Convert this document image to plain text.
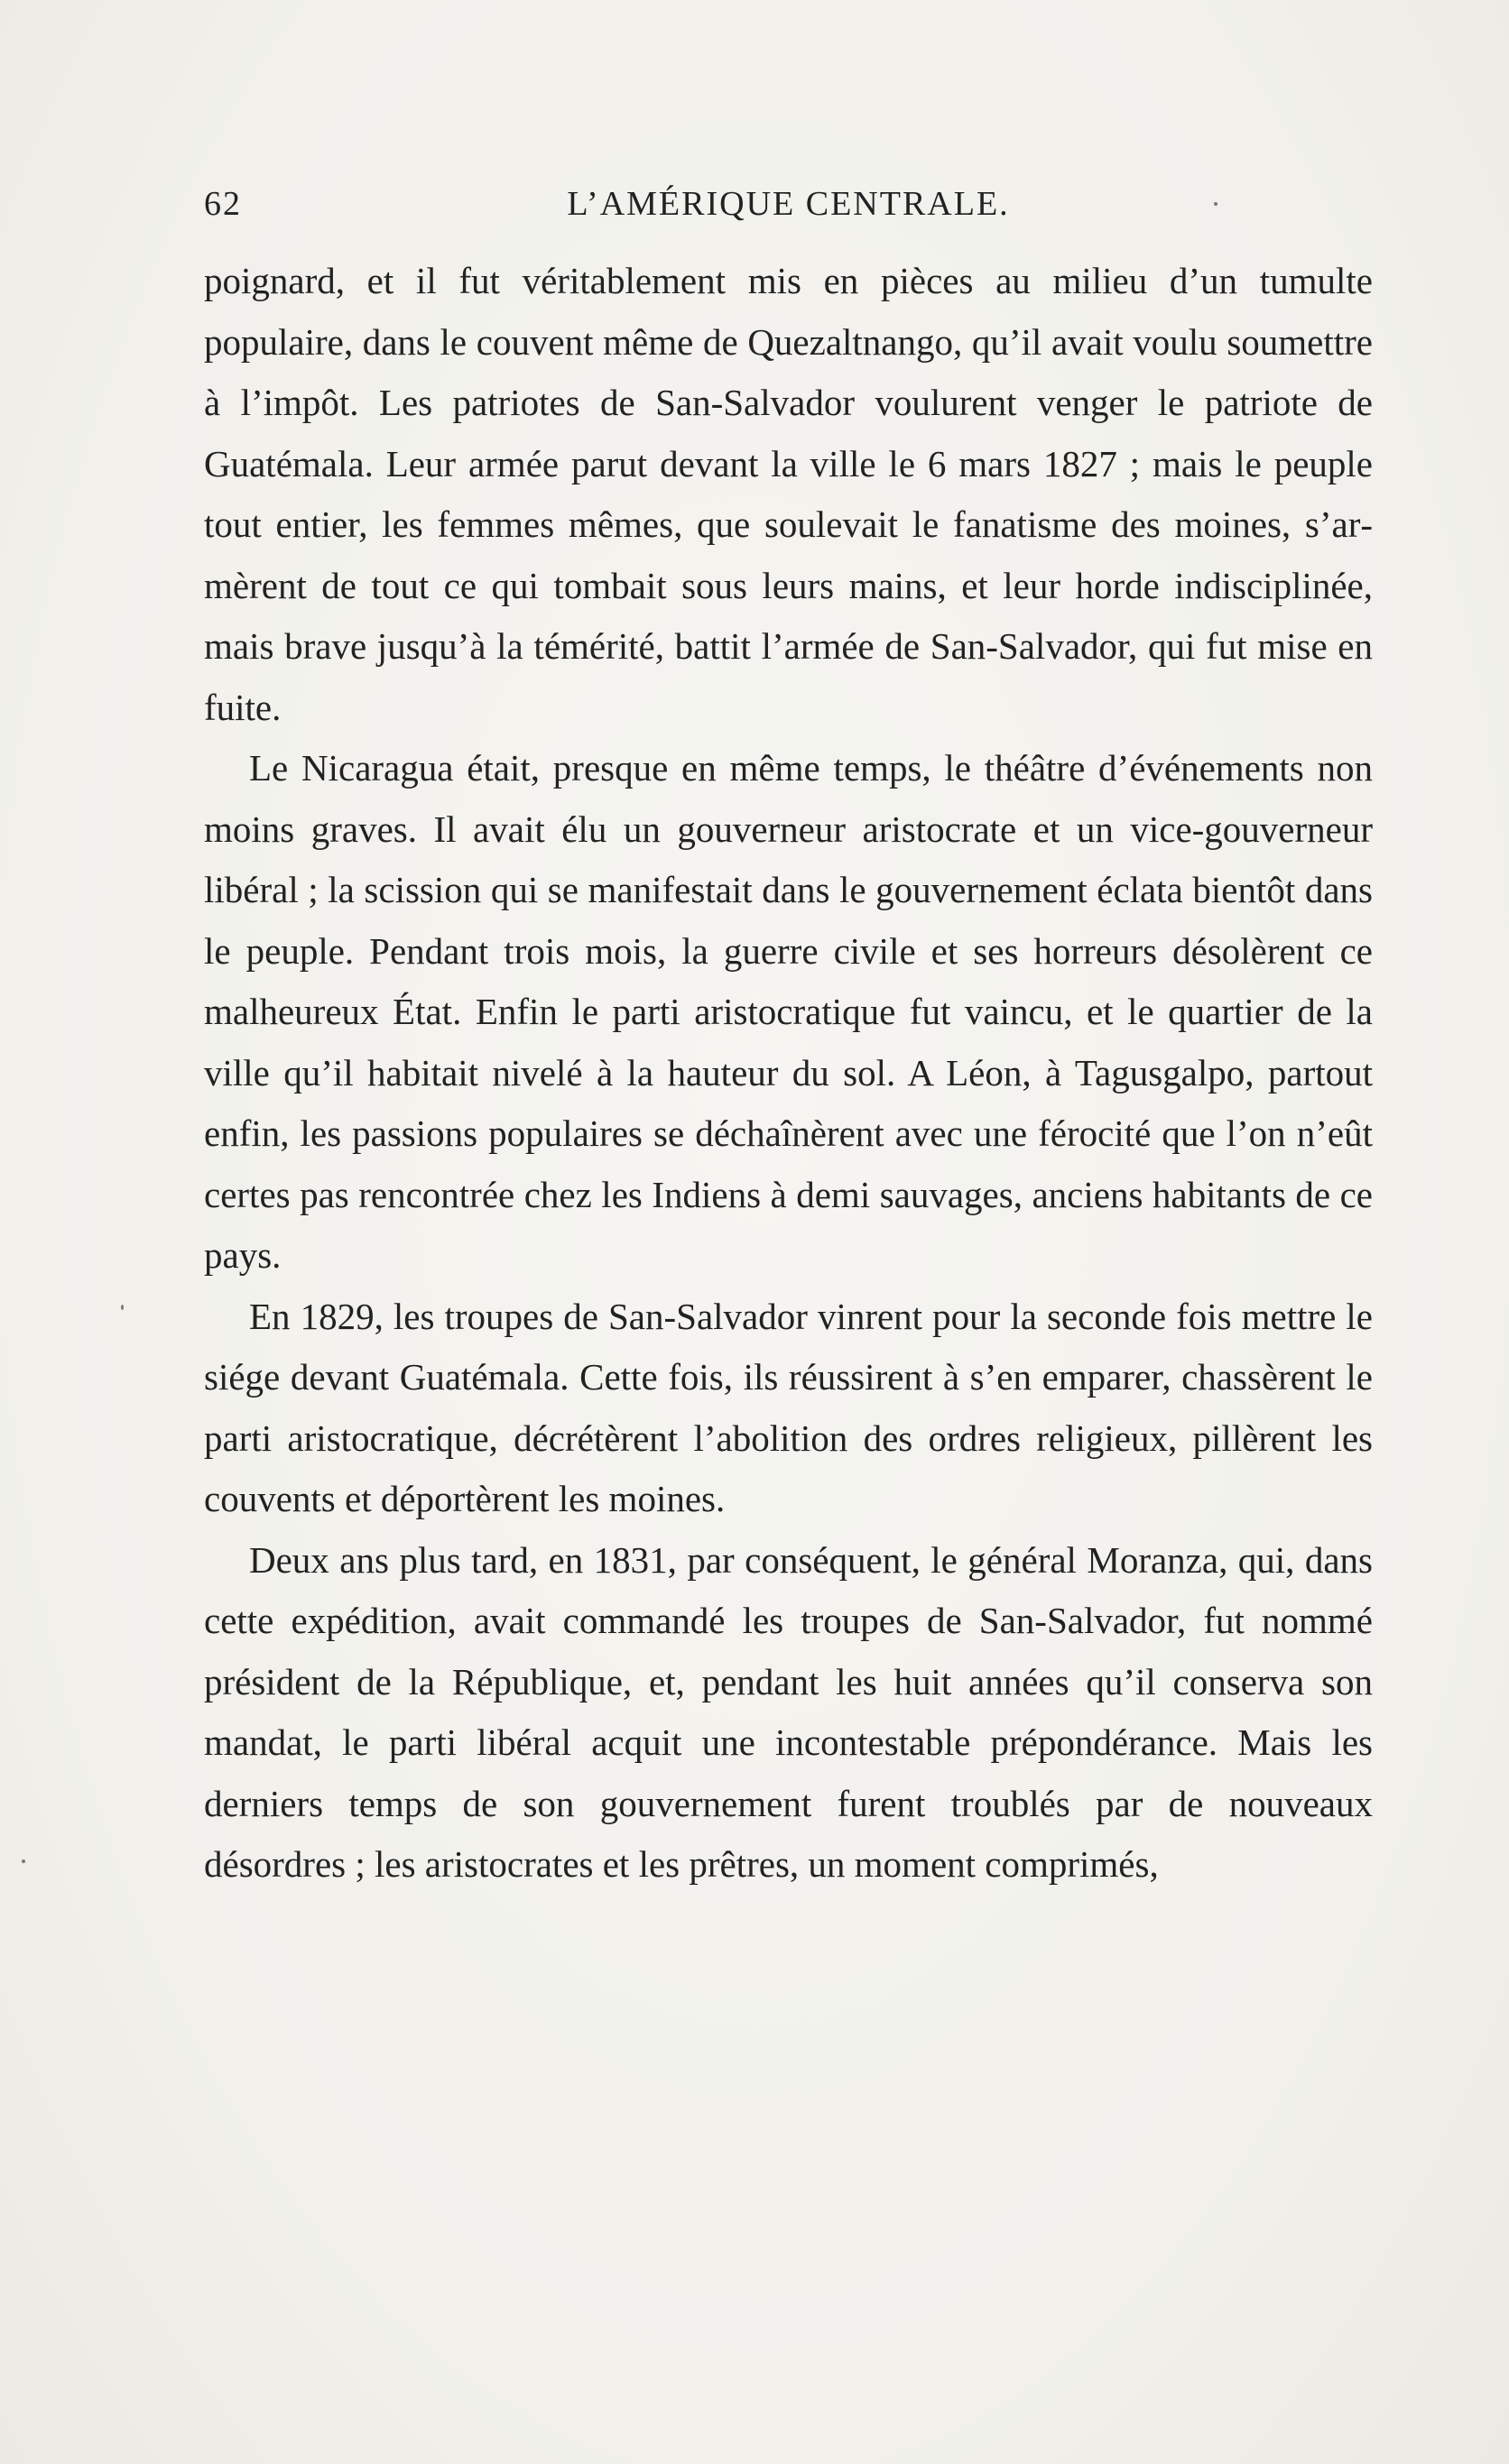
62	L’AMÉRIQUE CENTRALE.

poignard, et il fut véritablement mis en pièces au milieu d’un tumulte populaire, dans le couvent même de Quezaltnango, qu’il avait voulu soumettre à l’impôt. Les patriotes de San-Salvador voulurent venger le patriote de Guatémala. Leur armée parut devant la ville le 6 mars 1827 ; mais le peuple tout entier, les femmes mêmes, que soulevait le fanatisme des moines, s’armèrent de tout ce qui tombait sous leurs mains, et leur horde indisciplinée, mais brave jusqu’à la témérité, battit l’armée de San-Salvador, qui fut mise en fuite.

Le Nicaragua était, presque en même temps, le théâtre d’événements non moins graves. Il avait élu un gouverneur aristocrate et un vice-gouverneur libéral ; la scission qui se manifestait dans le gouvernement éclata bientôt dans le peuple. Pendant trois mois, la guerre civile et ses horreurs désolèrent ce malheureux État. Enfin le parti aristocratique fut vaincu, et le quartier de la ville qu’il habitait nivelé à la hauteur du sol. A Léon, à Tagusgalpo, partout enfin, les passions populaires se déchaînèrent avec une férocité que l’on n’eût certes pas rencontrée chez les Indiens à demi sauvages, anciens habitants de ce pays.

En 1829, les troupes de San-Salvador vinrent pour la seconde fois mettre le siége devant Guatémala. Cette fois, ils réussirent à s’en emparer, chassèrent le parti aristocratique, décrétèrent l’abolition des ordres religieux, pillèrent les couvents et déportèrent les moines.

Deux ans plus tard, en 1831, par conséquent, le général Moranza, qui, dans cette expédition, avait commandé les troupes de San-Salvador, fut nommé président de la République, et, pendant les huit années qu’il conserva son mandat, le parti libéral acquit une incontestable prépondérance. Mais les derniers temps de son gouvernement furent troublés par de nouveaux désordres ; les aristocrates et les prêtres, un moment comprimés,
